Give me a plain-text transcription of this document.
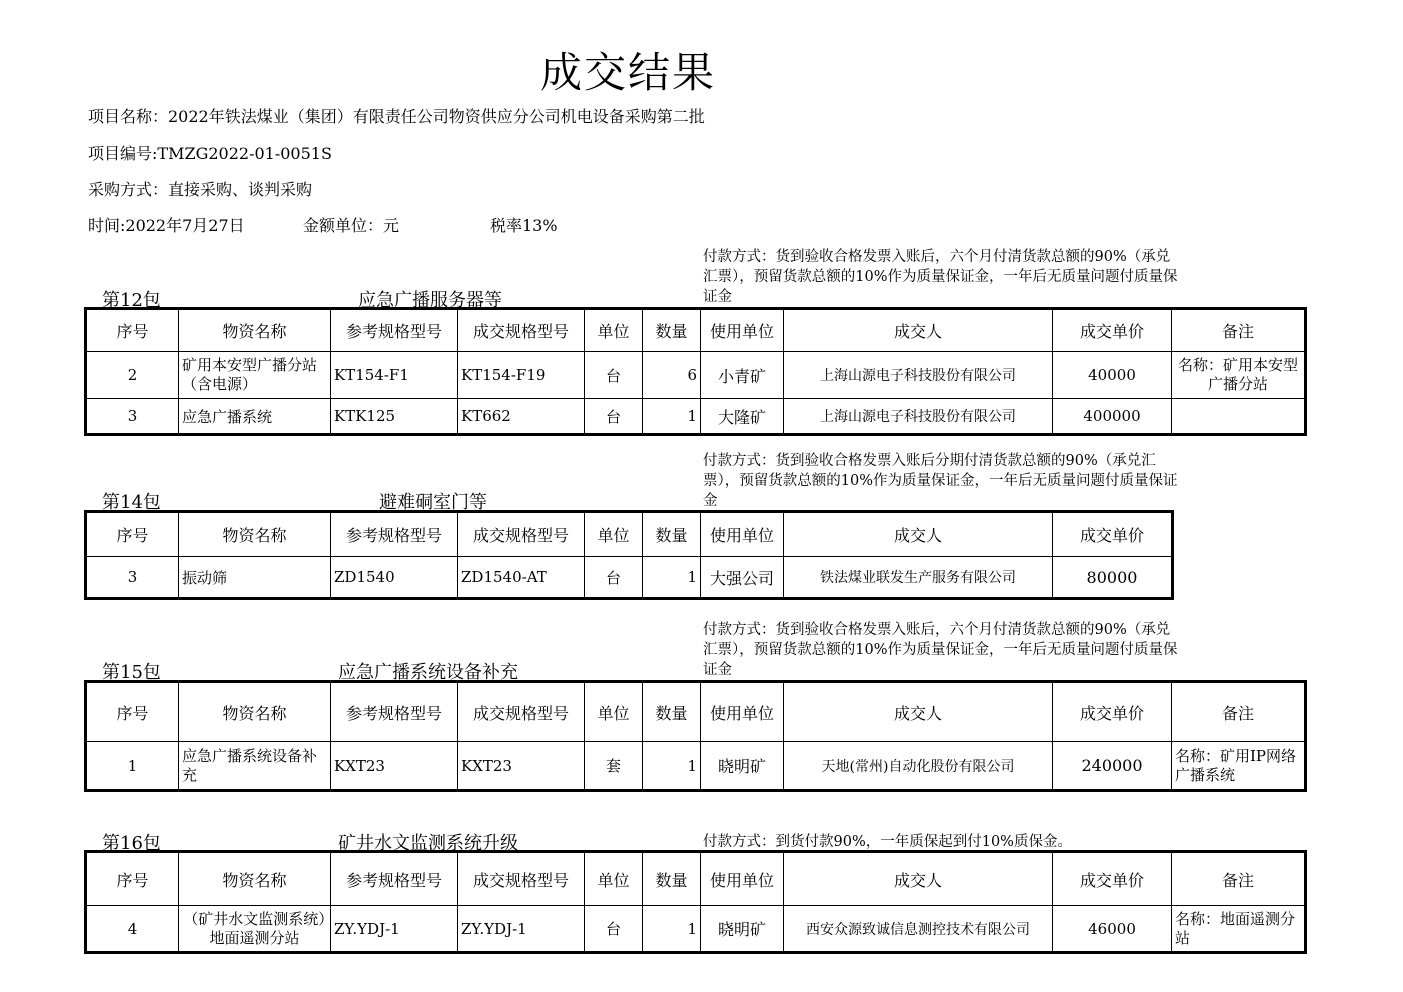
成交结果
项目名称：2022年铁法煤业（集团）有限责任公司物资供应分公司机电设备采购第二批
项目编号:TMZG2022-01-0051S
采购方式：直接采购、谈判采购
时间:2022年7月27日	金额单位：元	税率13%
付款方式：货到验收合格发票入账后，六个月付清货款总额的90%（承兑汇票），预留货款总额的10%作为质量保证金，一年后无质量问题付质量保证金
第12包	应急广播服务器等
序号	物资名称	参考规格型号	成交规格型号	单位	数量	使用单位	成交人	成交单价	备注
2	矿用本安型广播分站（含电源）	KT154-F1	KT154-F19	台	6	小青矿	上海山源电子科技股份有限公司	40000	名称：矿用本安型广播分站
3	应急广播系统	KTK125	KT662	台	1	大隆矿	上海山源电子科技股份有限公司	400000	
付款方式：货到验收合格发票入账后分期付清货款总额的90%（承兑汇票），预留货款总额的10%作为质量保证金，一年后无质量问题付质量保证金
第14包	避难硐室门等
序号	物资名称	参考规格型号	成交规格型号	单位	数量	使用单位	成交人	成交单价
3	振动筛	ZD1540	ZD1540-AT	台	1	大强公司	铁法煤业联发生产服务有限公司	80000
付款方式：货到验收合格发票入账后，六个月付清货款总额的90%（承兑汇票），预留货款总额的10%作为质量保证金，一年后无质量问题付质量保证金
第15包	应急广播系统设备补充
序号	物资名称	参考规格型号	成交规格型号	单位	数量	使用单位	成交人	成交单价	备注
1	应急广播系统设备补充	KXT23	KXT23	套	1	晓明矿	天地(常州)自动化股份有限公司	240000	名称：矿用IP网络广播系统
付款方式：到货付款90%，一年质保起到付10%质保金。
第16包	矿井水文监测系统升级
序号	物资名称	参考规格型号	成交规格型号	单位	数量	使用单位	成交人	成交单价	备注
4	（矿井水文监测系统）地面遥测分站	ZY.YDJ-1	ZY.YDJ-1	台	1	晓明矿	西安众源致诚信息测控技术有限公司	46000	名称：地面遥测分站
